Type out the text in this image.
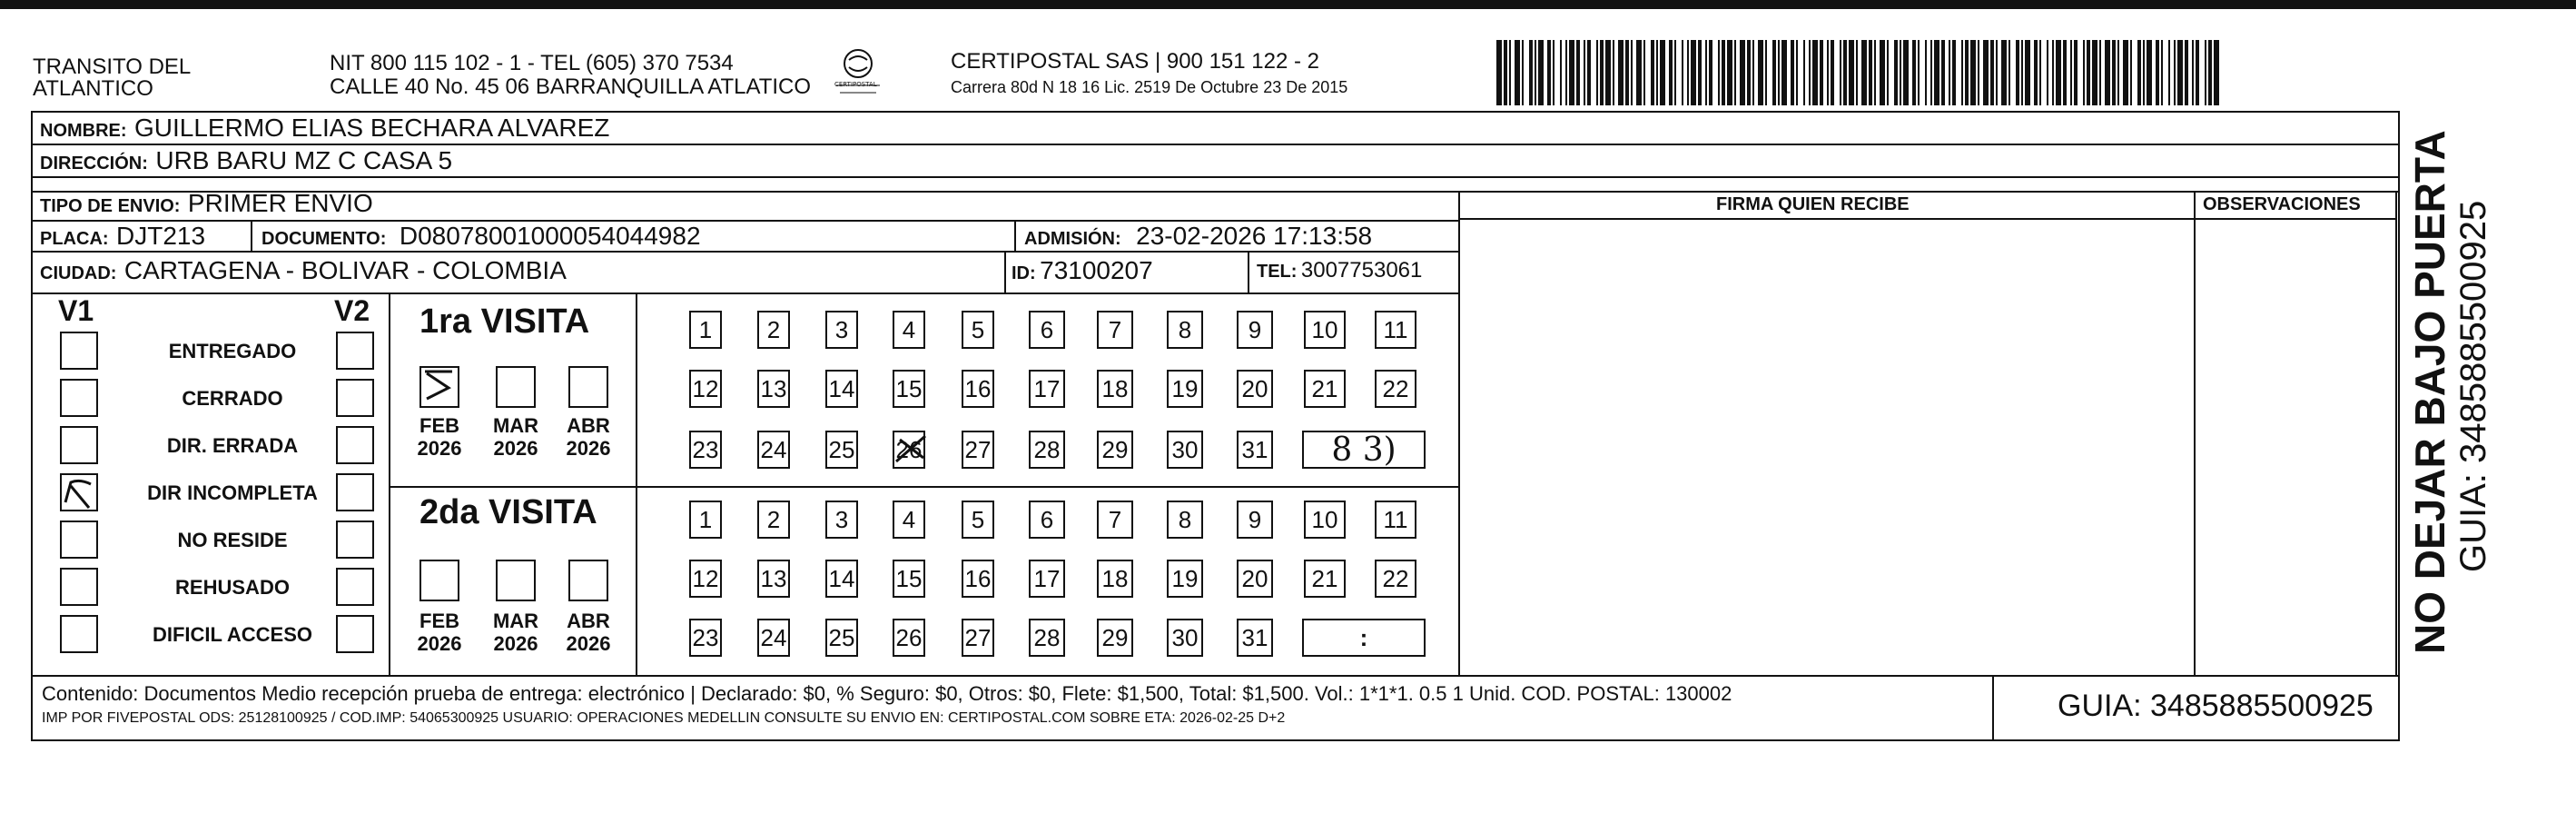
TRANSITO DEL
ATLANTICO
NIT 800 115 102 - 1 - TEL (605) 370 7534
CALLE 40 No. 45 06 BARRANQUILLA ATLATICO	CERTIPOSTAL
CERTIPOSTAL SAS | 900 151 122 - 2
Carrera 80d N 18 16 Lic. 2519 De Octubre 23 De 2015
NOMBRE: GUILLERMO ELIAS BECHARA ALVAREZ
DIRECCIÓN: URB BARU MZ C CASA 5
TIPO DE ENVIO: PRIMER ENVIO	FIRMA QUIEN RECIBE	OBSERVACIONES
PLACA: DJT213	DOCUMENTO: D08078001000054044982	ADMISIÓN: 23-02-2026 17:13:58
CIUDAD: CARTAGENA - BOLIVAR - COLOMBIA	ID: 73100207	TEL: 3007753061
V1	V2
ENTREGADO
CERRADO
DIR. ERRADA
DIR INCOMPLETA
NO RESIDE
REHUSADO
DIFICIL ACCESO
1ra VISITA
FEB
2026
MAR
2026
ABR
2026
1	2	3	4	5	6	7	8	9	10	11
12 13 14 15 16 17 18 19 20	21	22
23 24 25 26 27 28 29 30 31	8 3)
2da VISITA
FEB
2026
MAR
2026
ABR
2026
1	2	3	4	5	6	7	8	9	10	11
12 13 14 15 16 17 18 19 20	21	22
23 24 25 26 27 28 29 30 31	:
Contenido: Documentos Medio recepción prueba de entrega: electrónico | Declarado: $0, % Seguro: $0, Otros: $0, Flete: $1,500, Total: $1,500. Vol.: 1*1*1. 0.5 1 Unid. COD. POSTAL: 130002
IMP POR FIVEPOSTAL ODS: 25128100925 / COD.IMP: 54065300925 USUARIO: OPERACIONES MEDELLIN CONSULTE SU ENVIO EN: CERTIPOSTAL.COM SOBRE ETA: 2026-02-25 D+2	GUIA: 3485885500925
NO DEJAR BAJO PUERTA GUIA: 3485885500925
